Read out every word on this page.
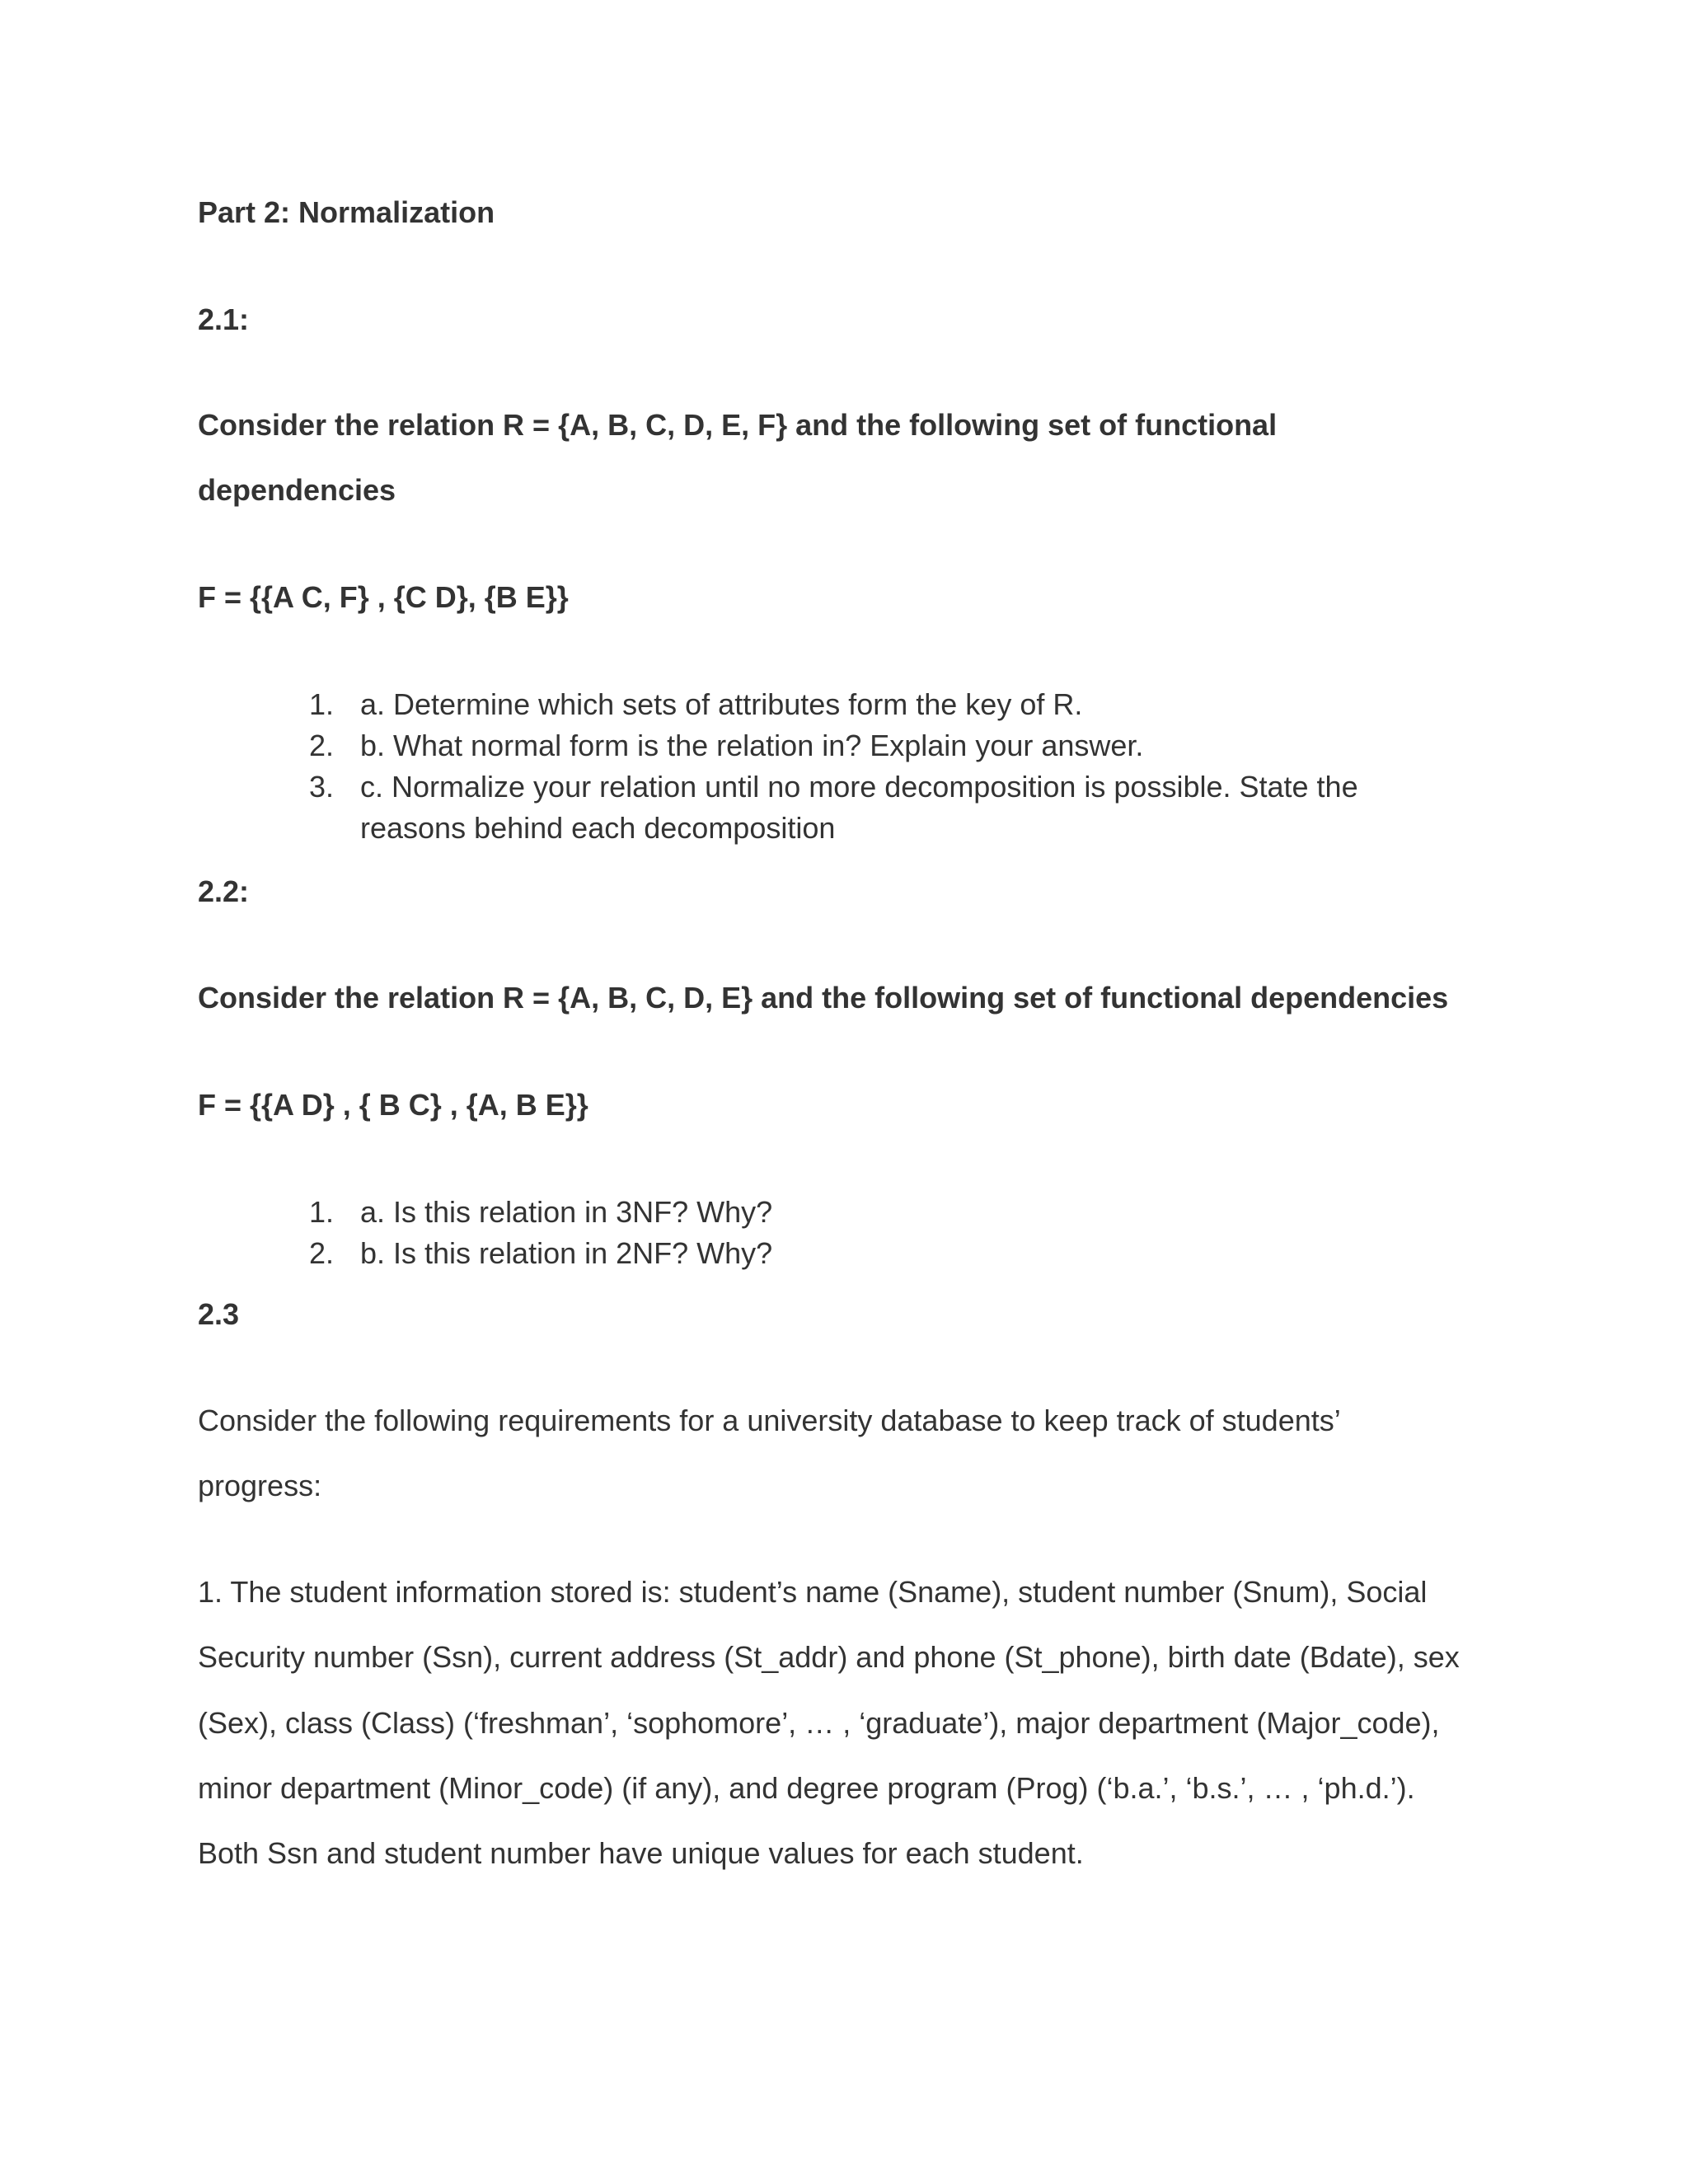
Part 2: Normalization

2.1:

Consider the relation R = {A, B, C, D, E, F} and the following set of functional

dependencies

F = {{A C, F} , {C D}, {B E}}

1. a. Determine which sets of attributes form the key of R.
2. b. What normal form is the relation in? Explain your answer.
3. c. Normalize your relation until no more decomposition is possible. State the
reasons behind each decomposition

2.2:

Consider the relation R = {A, B, C, D, E} and the following set of functional dependencies

F = {{A D} , { B C} , {A, B E}}

1. a. Is this relation in 3NF? Why?
2. b. Is this relation in 2NF? Why?

2.3

Consider the following requirements for a university database to keep track of students’

progress:

1. The student information stored is: student’s name (Sname), student number (Snum), Social

Security number (Ssn), current address (St_addr) and phone (St_phone), birth date (Bdate), sex

(Sex), class (Class) (‘freshman’, ‘sophomore’, … , ‘graduate’), major department (Major_code),

minor department (Minor_code) (if any), and degree program (Prog) (‘b.a.’, ‘b.s.’, … , ‘ph.d.’).

Both Ssn and student number have unique values for each student.
